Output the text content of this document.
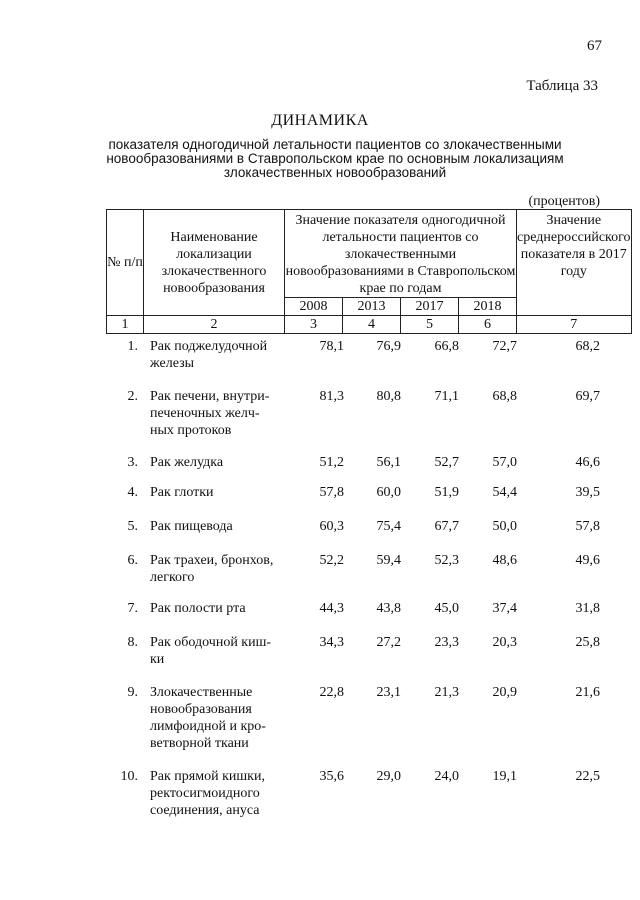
67
Таблица 33
ДИНАМИКА
показателя одногодичной летальности пациентов со злокачественными новообразованиями в Ставропольском крае по основным локализациям злокачественных новообразований
(процентов)
№ п/п	Наименование локализации злокачественного новообразования	Значение показателя одногодичной летальности пациентов со злокачественными новообразованиями в Ставропольском крае по годам				Значение среднероссийского показателя в 2017 году
		2008	2013	2017	2018	
1	2	3	4	5	6	7
1. Рак поджелудочной
железы
78,1	76,9	66,8	72,7	68,2
2. Рак печени, внутри-
печеночных желч-
ных протоков
81,3	80,8	71,1	68,8	69,7
3. Рак желудка	51,2	56,1	52,7	57,0	46,6
4. Рак глотки	57,8	60,0	51,9	54,4	39,5
5. Рак пищевода	60,3	75,4	67,7	50,0	57,8
6. Рак трахеи, бронхов,
легкого
52,2	59,4	52,3	48,6	49,6
7. Рак полости рта	44,3	43,8	45,0	37,4	31,8
8. Рак ободочной киш-
ки
34,3	27,2	23,3	20,3	25,8
9. Злокачественные
новообразования
лимфоидной и кро-
ветворной ткани
22,8	23,1	21,3	20,9	21,6
10. Рак прямой кишки,
ректосигмоидного
соединения, ануса
35,6	29,0	24,0	19,1	22,5
